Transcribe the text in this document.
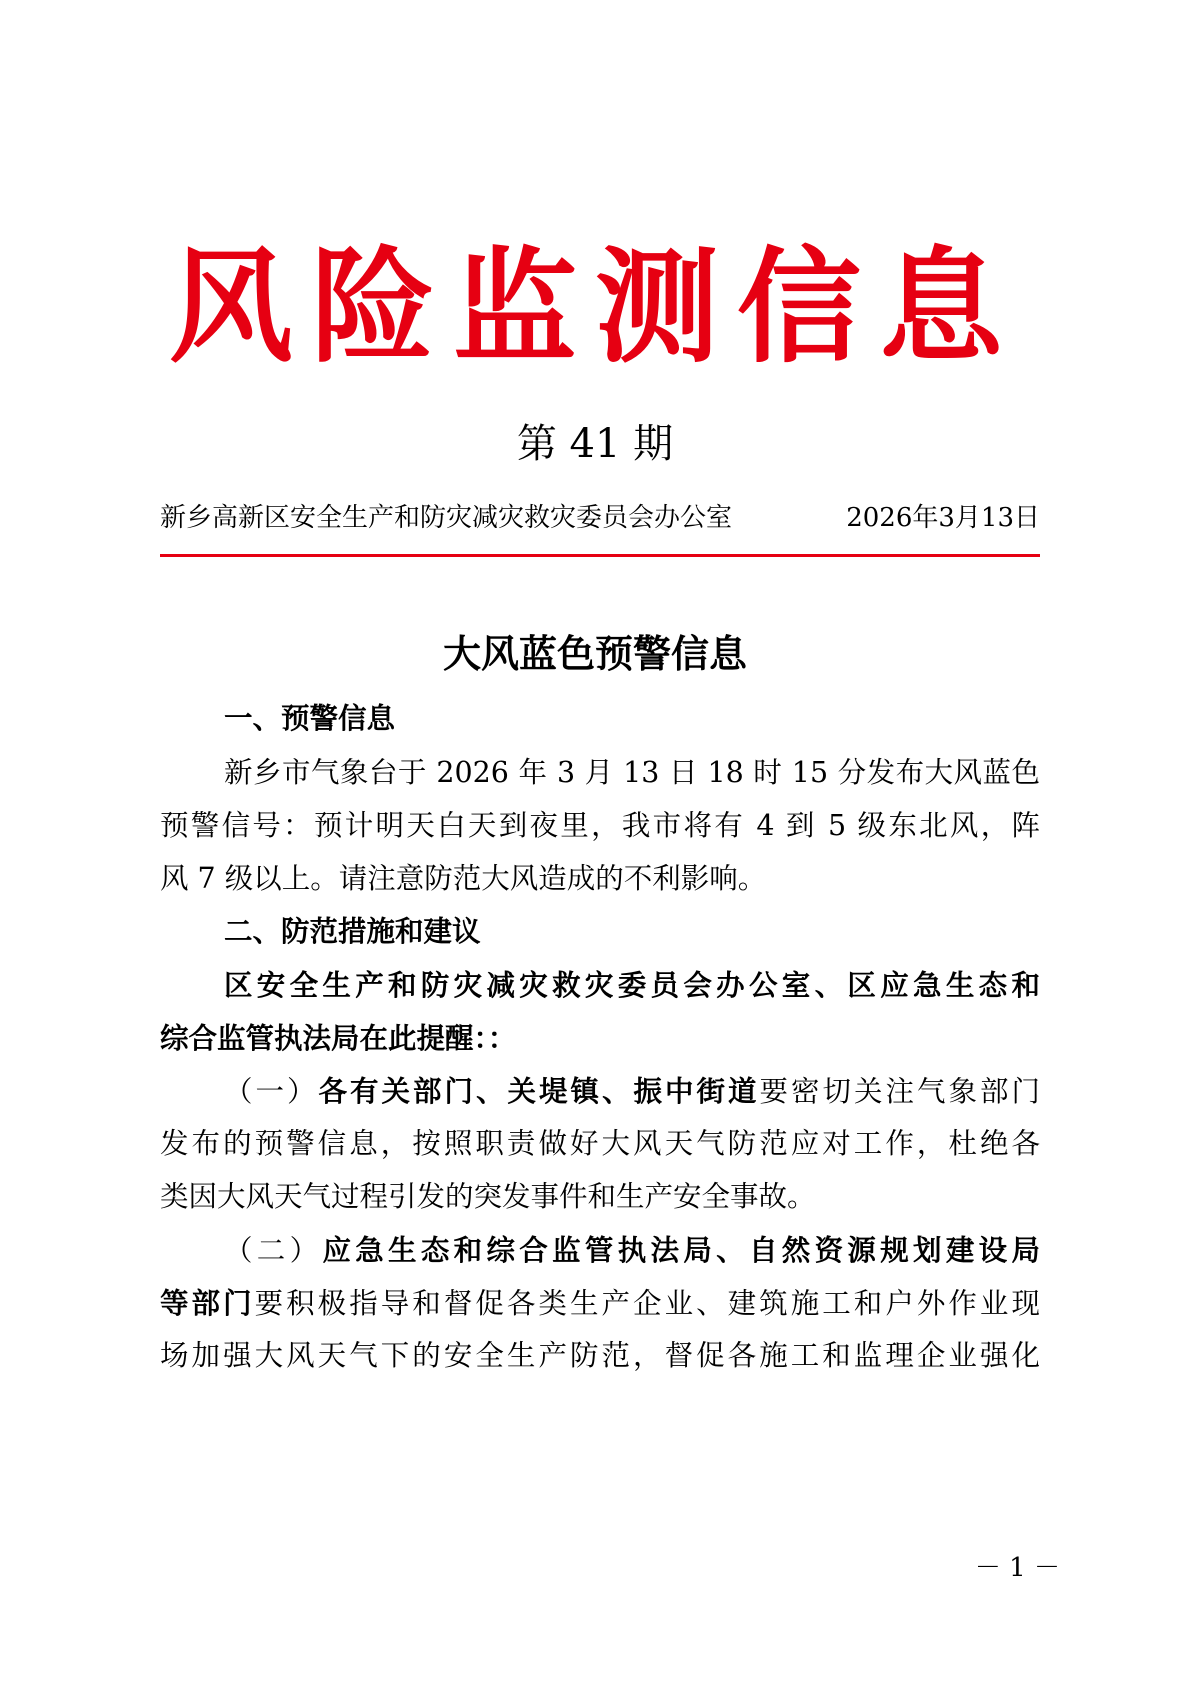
风险监测信息
第 41 期
新乡高新区安全生产和防灾减灾救灾委员会办公室	2026年3月13日
大风蓝色预警信息
一、预警信息
新乡市气象台于 2026 年 3 月 13 日 18 时 15 分发布大风蓝色
预警信号：预计明天白天到夜里，我市将有 4 到 5 级东北风，阵
风 7 级以上。请注意防范大风造成的不利影响。
二、防范措施和建议
区安全生产和防灾减灾救灾委员会办公室、区应急生态和
综合监管执法局在此提醒：：
（一）各有关部门、关堤镇、振中街道要密切关注气象部门
发布的预警信息，按照职责做好大风天气防范应对工作，杜绝各
类因大风天气过程引发的突发事件和生产安全事故。
（二）应急生态和综合监管执法局、自然资源规划建设局
等部门要积极指导和督促各类生产企业、建筑施工和户外作业现
场加强大风天气下的安全生产防范，督促各施工和监理企业强化
－ 1 －
